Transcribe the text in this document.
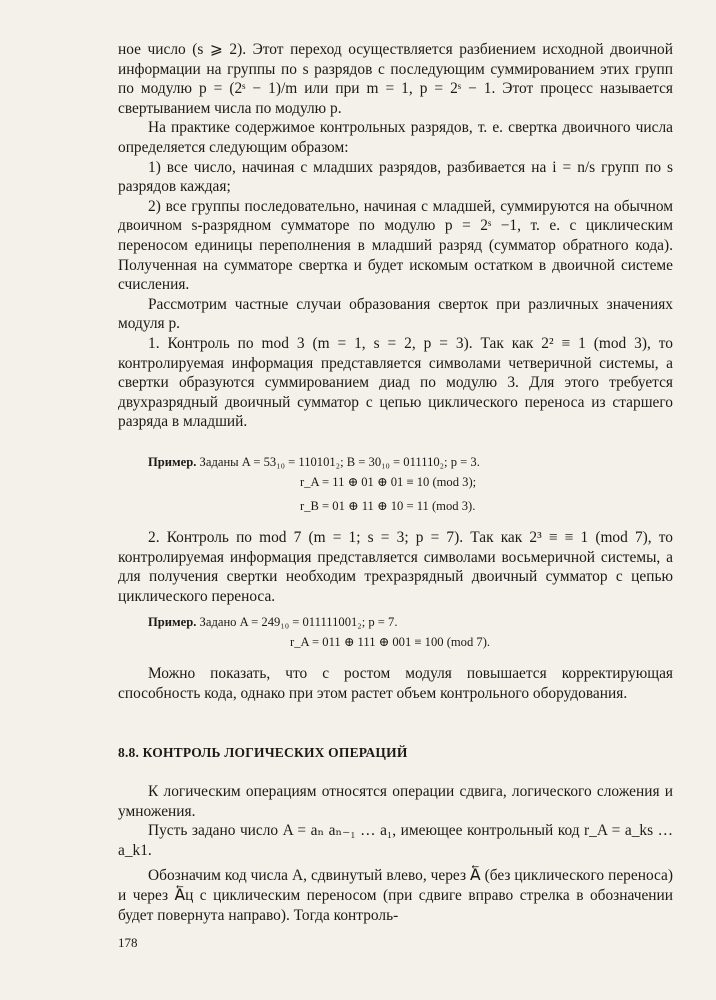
ное число (s ⩾ 2). Этот переход осуществляется разбиением исходной двоичной информации на группы по s разрядов с последующим суммированием этих групп по модулю p = (2ˢ − 1)/m или при m = 1, p = 2ˢ − 1. Этот процесс называется свертыванием числа по модулю p.

На практике содержимое контрольных разрядов, т. е. свертка двоичного числа определяется следующим образом:

1) все число, начиная с младших разрядов, разбивается на i = n/s групп по s разрядов каждая;

2) все группы последовательно, начиная с младшей, суммируются на обычном двоичном s-разрядном сумматоре по модулю p = 2ˢ −1, т. е. с циклическим переносом единицы переполнения в младший разряд (сумматор обратного кода). Полученная на сумматоре свертка и будет искомым остатком в двоичной системе счисления.

Рассмотрим частные случаи образования сверток при различных значениях модуля p.

1. Контроль по mod 3 (m = 1, s = 2, p = 3). Так как 2² ≡ 1 (mod 3), то контролируемая информация представляется символами четверичной системы, а свертки образуются суммированием диад по модулю 3. Для этого требуется двухразрядный двоичный сумматор с цепью циклического переноса из старшего разряда в младший.

Пример. Заданы A = 53₁₀ = 110101₂; B = 30₁₀ = 011110₂; p = 3.
r_A = 11 ⊕ 01 ⊕ 01 ≡ 10 (mod 3);
r_B = 01 ⊕ 11 ⊕ 10 = 11 (mod 3).

2. Контроль по mod 7 (m = 1; s = 3; p = 7). Так как 2³ ≡ ≡ 1 (mod 7), то контролируемая информация представляется символами восьмеричной системы, а для получения свертки необходим трехразрядный двоичный сумматор с цепью циклического переноса.

Пример. Задано A = 249₁₀ = 011111001₂; p = 7.
r_A = 011 ⊕ 111 ⊕ 001 ≡ 100 (mod 7).

Можно показать, что с ростом модуля повышается корректирующая способность кода, однако при этом растет объем контрольного оборудования.

8.8. КОНТРОЛЬ ЛОГИЧЕСКИХ ОПЕРАЦИЙ

К логическим операциям относятся операции сдвига, логического сложения и умножения.

Пусть задано число A = aₙ aₙ₋₁ … a₁, имеющее контрольный код r_A = a_ks … a_k1.

Обозначим код числа A, сдвинутый влево, через A⃖ (без циклического переноса) и через A⃖ц с циклическим переносом (при сдвиге вправо стрелка в обозначении будет повернута направо). Тогда контроль-

178
